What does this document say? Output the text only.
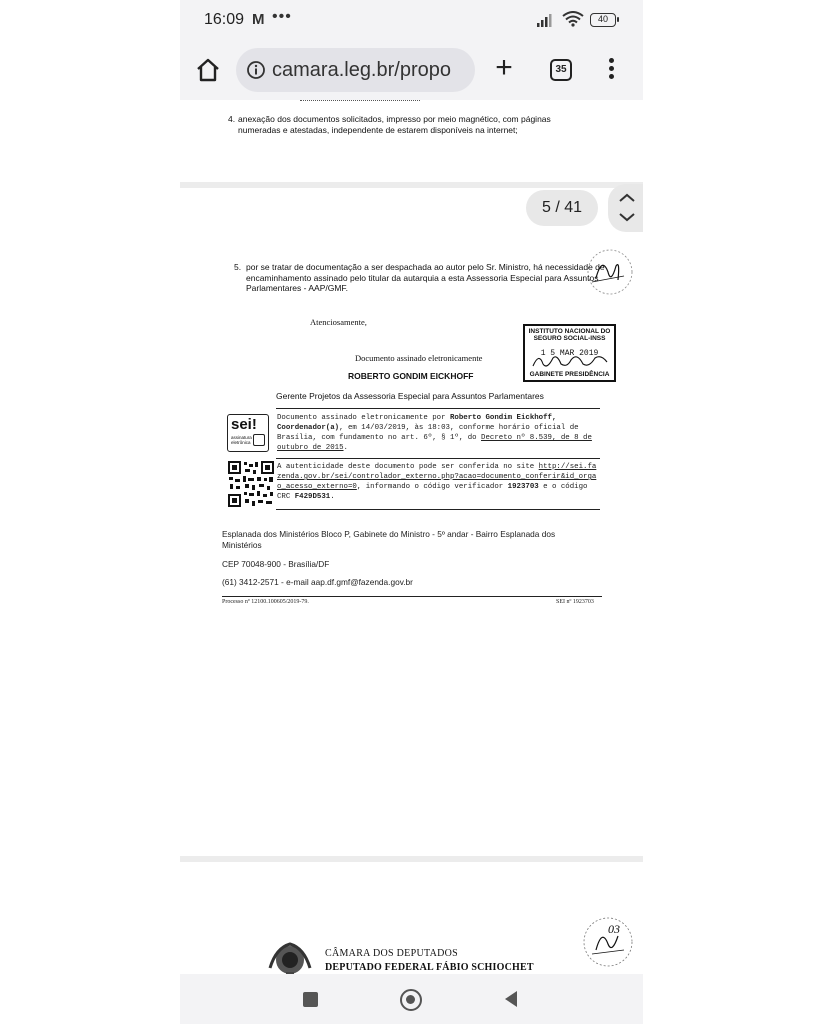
16:09 M •••	40
camara.leg.br/propo +	35
4. anexação dos documentos solicitados, impresso por meio magnético, com páginas numeradas e atestadas, independente de estarem disponíveis na internet;
5. por se tratar de documentação a ser despachada ao autor pelo Sr. Ministro, há necessidade de encaminhamento assinado pelo titular da autarquia a esta Assessoria Especial para Assuntos Parlamentares - AAP/GMF.
Atenciosamente,
INSTITUTO NACIONAL DO
SEGURO SOCIAL-INSS
1 5 MAR 2019
GABINETE PRESIDÊNCIA
Documento assinado eletronicamente
ROBERTO GONDIM EICKHOFF
Gerente Projetos da Assessoria Especial para Assuntos Parlamentares
sei!
assinatura eletrônica
Documento assinado eletronicamente por Roberto Gondim Eickhoff, Coordenador(a), em 14/03/2019, às 18:03, conforme horário oficial de Brasília, com fundamento no art. 6º, § 1º, do Decreto nº 8.539, de 8 de outubro de 2015.
A autenticidade deste documento pode ser conferida no site http://sei.fazenda.gov.br/sei/controlador_externo.php?acao=documento_conferir&id_orgao_acesso_externo=0, informando o código verificador 1923703 e o código CRC F429D531.
Esplanada dos Ministérios Bloco P, Gabinete do Ministro - 5º andar - Bairro Esplanada dos Ministérios
CEP 70048-900 - Brasília/DF
(61) 3412-2571 - e-mail aap.df.gmf@fazenda.gov.br
Processo nº 12100.100605/2019-79.	SEI nº 1923703
5 / 41
CÂMARA DOS DEPUTADOS
DEPUTADO FEDERAL FÁBIO SCHIOCHET
03
